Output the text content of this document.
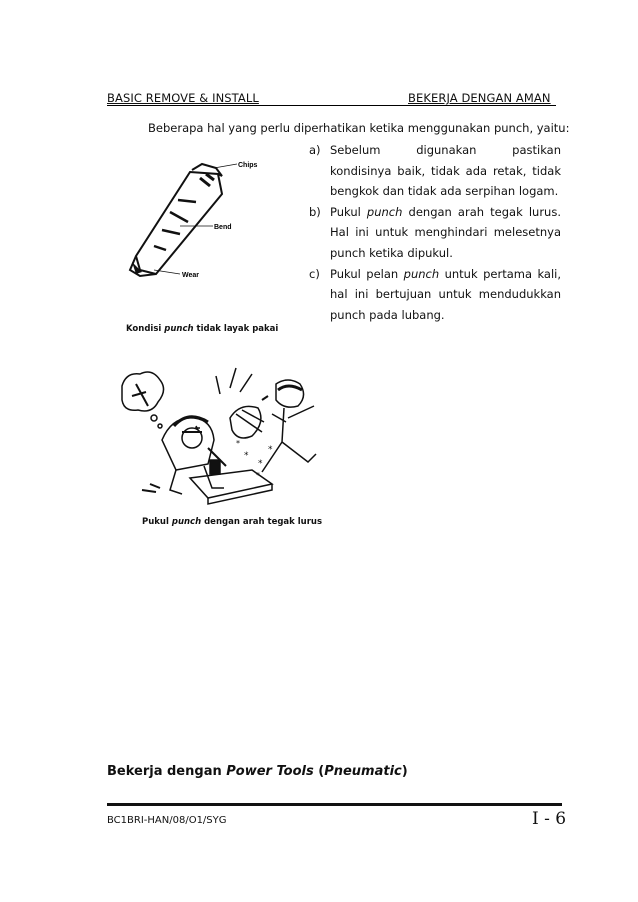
BASIC REMOVE & INSTALL	BEKERJA DENGAN AMAN
Beberapa hal yang perlu diperhatikan ketika menggunakan punch, yaitu:
a) Sebelum digunakan pastikan kondisinya baik, tidak ada retak, tidak bengkok dan tidak ada serpihan logam.
b) Pukul punch dengan arah tegak lurus. Hal ini untuk menghindari melesetnya punch ketika dipukul.
c) Pukul pelan punch untuk pertama kali, hal ini bertujuan untuk mendudukkan punch pada lubang.
Chips
Bend
Wear
Kondisi punch tidak layak pakai
*
*
*
*
*
Pukul punch dengan arah tegak lurus
Bekerja dengan Power Tools (Pneumatic)
BC1BRI-HAN/08/O1/SYG	I - 6
